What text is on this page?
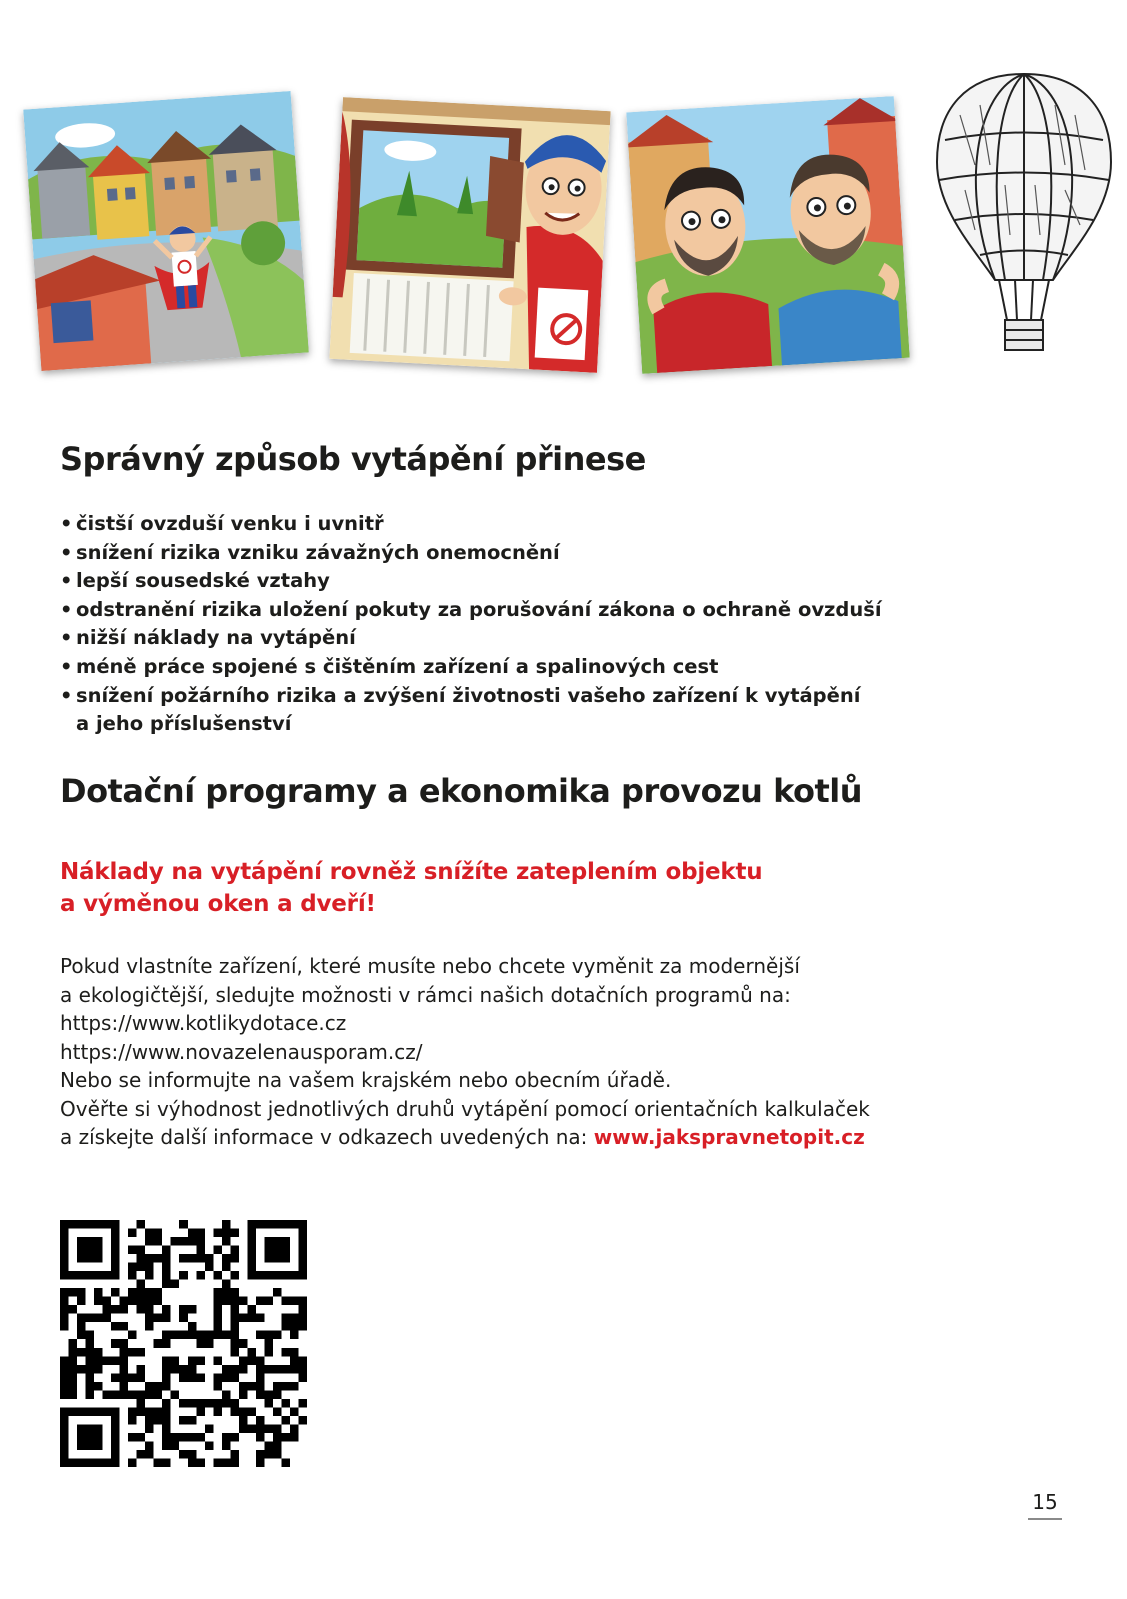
Správný způsob vytápění přinese
• čistší ovzduší venku i uvnitř
• snížení rizika vzniku závažných onemocnění
• lepší sousedské vztahy
• odstranění rizika uložení pokuty za porušování zákona o ochraně ovzduší
• nižší náklady na vytápění
• méně práce spojené s čištěním zařízení a spalinových cest
• snížení požárního rizika a zvýšení životnosti vašeho zařízení k vytápění
a jeho příslušenství
Dotační programy a ekonomika provozu kotlů

Náklady na vytápění rovněž snížíte zateplením objektu
a výměnou oken a dveří!

Pokud vlastníte zařízení, které musíte nebo chcete vyměnit za modernější
a ekologičtější, sledujte možnosti v rámci našich dotačních programů na:
https://www.kotlikydotace.cz
https://www.novazelenausporam.cz/
Nebo se informujte na vašem krajském nebo obecním úřadě.
Ověřte si výhodnost jednotlivých druhů vytápění pomocí orientačních kalkulaček
a získejte další informace v odkazech uvedených na: www.jakspravnetopit.cz

15
